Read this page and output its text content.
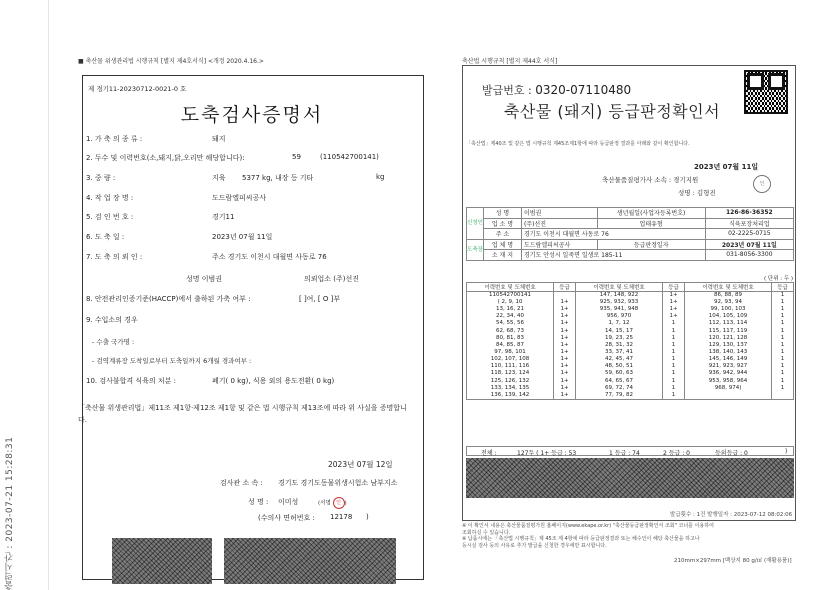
출력시간 : 2023-07-21 15:28:31
■ 축산물 위생관리법 시행규칙 [별지 제4호서식] <개정 2020.4.16.>
제 경기11-20230712-0021-0 호
도축검사증명서
1. 가 축 의 종 류 :	돼지
2. 두수 및 이력번호(소,돼지,닭,오리만 해당합니다):	59	(110542700141)
3. 중 량 :	지육 5377 kg, 내장 등 기타	kg
4. 작 업 장 명 :	도드람엘피씨공사
5. 검 인 번 호 :	경기11
6. 도 축 일 :	2023년 07월 11일
7. 도 축 의 뢰 인 :	주소 경기도 이천시 대월면 사동로 76
성명 이범권	의뢰업소 (주)선진
8. 안전관리인증기준(HACCP)에서 출하된 가축 여부 :	[ ]여, [ O ]부
9. 수입소의 경우
- 수출 국가명 :
- 검역계류장 도착일로부터 도축일까지 6개월 경과여부 :
10. 검사불합격 식육의 처분 :	폐기( 0 kg), 식용 외의 용도전환( 0 kg)
「축산물 위생관리법」제11조 제1항·제12조 제1항 및 같은 법 시행규칙 제13조에 따라 위 사실을 증명합니다.
2023년 07월 12일
검사관 소 속 : 경기도 경기도동물위생시험소 남부지소
성 명 : 이미성	(서명 인 )
(수의사 면허번호 : 12178 )
축산법 시행규칙 [별지 제44호 서식]
발급번호 : 0320-07110480
축산물 (돼지) 등급판정확인서
「축산법」제40조 및 같은 법 시행규칙 제45조제1항에 따라 등급판정 결과를 아래와 같이 확인합니다.
2023년 07월 11일
축산물품질평가사 소속 : 경기지원
성명 : 김형진
인
신청인	성 명	이범권	생년월일(사업자등록번호)	126-86-36352
	업 소 명	(주)선진	업태유형	식육포장처리업
	주 소	경기도 이천시 대월면 사동로 76		02-2225-0715
도축장	업 체 명	도드람엘피씨공사	등급판정일자	2023년 07월 11일
	소 재 지	경기도 안성시 일죽면 일생로 185-11		031-8056-3300
( 단위 : 두 )
이력번호 및 도체번호	등급	이력번호 및 도체번호	등급	이력번호 및 도체번호	등급
110542700141		147, 148, 922	1+	86, 88, 89	1
( 2, 9, 10	1+	925, 932, 933	1+	92, 93, 94	1
13, 16, 21	1+	935, 941, 948	1+	99, 100, 103	1
22, 34, 40	1+	956, 970	1+	104, 105, 109	1
54, 55, 56	1+	1, 7, 12	1	112, 113, 114	1
62, 68, 73	1+	14, 15, 17	1	115, 117, 119	1
80, 81, 83	1+	19, 23, 25	1	120, 121, 128	1
84, 85, 87	1+	28, 31, 32	1	129, 130, 137	1
97, 98, 101	1+	33, 37, 41	1	138, 140, 143	1
102, 107, 108	1+	42, 45, 47	1	145, 146, 149	1
110, 111, 116	1+	48, 50, 51	1	921, 923, 927	1
118, 123, 124	1+	59, 60, 63	1	936, 942, 944	1
125, 126, 132	1+	64, 65, 67	1	953, 958, 964	1
133, 134, 135	1+	69, 72, 74	1	968, 974)	1
136, 139, 142	1+	77, 79, 82	1		
전체 :	127두 ( 1+ 등급 : 53	1 등급 : 74	2 등급 : 0	등외등급 : 0	)
발급횟수 : 1건 발행일자 : 2023-07-12 08:02:06
※ 이 확인서 내용은 축산물품질평가원 홈페이지(www.ekape.or.kr) "축산물등급판정확인서 조회" 코너를 이용하여
조회하실 수 있습니다.
※ 납품시에는 「축산법 시행규칙」제 45조 제 4항에 따라 등급판정결과 또는 해수인이 해당 축산물을 하고나
등시실 검사 등의 사유로 추가 발급을 신청한 경우에만 표시합니다.
210mm×297mm [백상지 80 g/㎡ (재활용품)]
